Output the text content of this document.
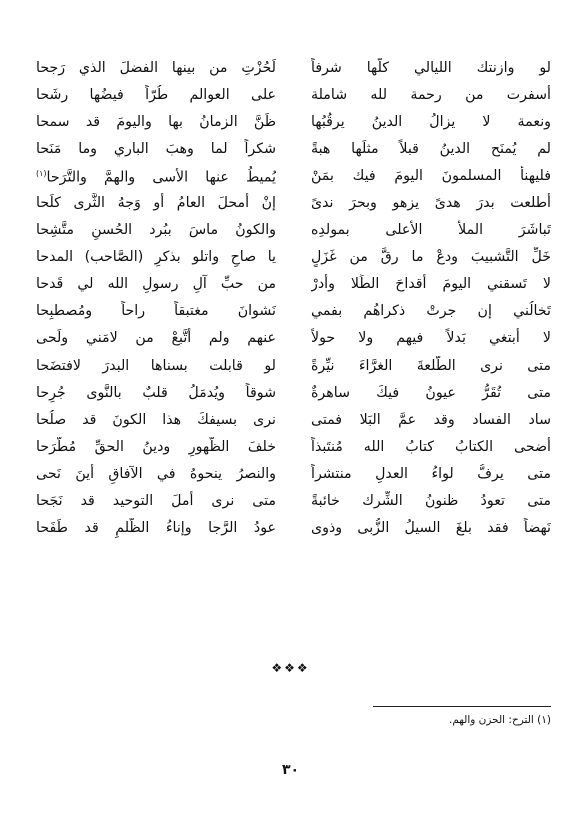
لو وازنتك الليالي كلُّها شرفاً
لَحُزْتِ من بينها الفضلَ الذي رَجحا
أسفرت من رحمة لله شاملة
على العوالم طُرّاً فيضُها رشَحا
ونعمة لا يزالُ الدينُ يرقُبُها
ظَنَّ الزمانُ بها واليومَ قد سمحا
لم يُمنَح الدينُ قبلاً مثلَها هبةً
شكراً لما وهبَ الباري وما مَنَحا
فليهنأ المسلمونَ اليومَ فيك بمَنْ
يُميطُ عنها الأسى والهمَّ والتَّرَحا$^{(١)}$
أطلعت بدرَ هدىً يزهو وبحرَ ندىً
إنْ أمحلَ العامُ أو وَجهُ الثَّرى كلَحا
تَباشَرَ الملأُ الأعلى بمولدِه
والكونُ ماسَ ببُرد الحُسنِ متَّشِحا
خَلِّ التَّشبيبَ ودعْ ما رقَّ من غَزَلٍ
يا صاحِ واتلو بذكرِ (الصَّاحب) المدحا
لا تَسقني اليومَ أقداحَ الطِّلا وأدرْ
من حبِّ آلِ رسولِ الله لي قَدحا
تَخالُني إن جرتْ ذكراهُم بفمي
نَشوانَ مغتبقاً راحاً ومُصطبِحا
لا أبتغي بَدلاً فيهم ولا حولاً
عنهم ولم أتَّبعْ من لامَني ولَحى
متى نرى الطَّلعةَ الغرَّاءَ نيِّرةً
لو قابلت بسناها البدرَ لافتضَحا
متى تُقَرُّ عيونُ فيكَ ساهرةٌ
شوقاً ويُدمَلُ قلبٌ بالنَّوى جُرِحا
ساد الفساد وقد عمَّ البَلا فمتى
نرى بسيفكَ هذا الكونَ قد صلُحا
أضحى الكتابُ كتابُ الله مُنتَبذاً
خلفَ الظُّهورِ ودينُ الحقِّ مُطَّرَحا
متى يرفُّ لواءُ العدلِ منتشراً
والنصرُ ينحوهُ في الآفاقِ أينَ نَحى
متى تعودُ ظنونُ الشِّرك خائبةً
متى نرى أملَ التوحيد قد نَجَحا
نَهضاً فقد بلغَ السيلُ الزُّبى وذوى
عودُ الرَّجا وإناءُ الظُّلمِ قد طَفَحا
❖❖❖
(١) الترح: الحزن والهم.
٣٠
